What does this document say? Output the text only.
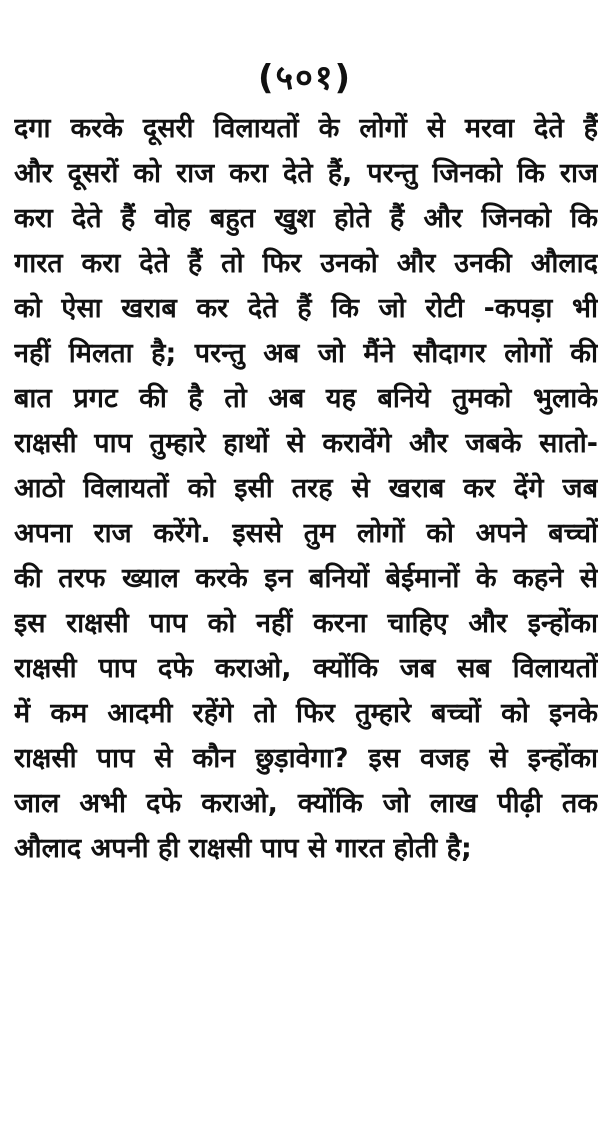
(५०१)
दगा करके दूसरी विलायतों के लोगों से मरवा देते हैं
और दूसरों को राज करा देते हैं, परन्तु जिनको कि राज
करा देते हैं वोह बहुत खुश होते हैं और जिनको कि
गारत करा देते हैं तो फिर उनको और उनकी औलाद
को ऐसा खराब कर देते हैं कि जो रोटी -कपड़ा भी
नहीं मिलता है; परन्तु अब जो मैंने सौदागर लोगों की
बात प्रगट की है तो अब यह बनिये तुमको भुलाके
राक्षसी पाप तुम्हारे हाथों से करावेंगे और जबके सातो-
आठो विलायतों को इसी तरह से खराब कर देंगे जब
अपना राज करेंगे. इससे तुम लोगों को अपने बच्चों
की तरफ ख्याल करके इन बनियों बेईमानों के कहने से
इस राक्षसी पाप को नहीं करना चाहिए और इन्होंका
राक्षसी पाप दफे कराओ, क्योंकि जब सब विलायतों
में कम आदमी रहेंगे तो फिर तुम्हारे बच्चों को इनके
राक्षसी पाप से कौन छुड़ावेगा? इस वजह से इन्होंका
जाल अभी दफे कराओ, क्योंकि जो लाख पीढ़ी तक
औलाद अपनी ही राक्षसी पाप से गारत होती है;
